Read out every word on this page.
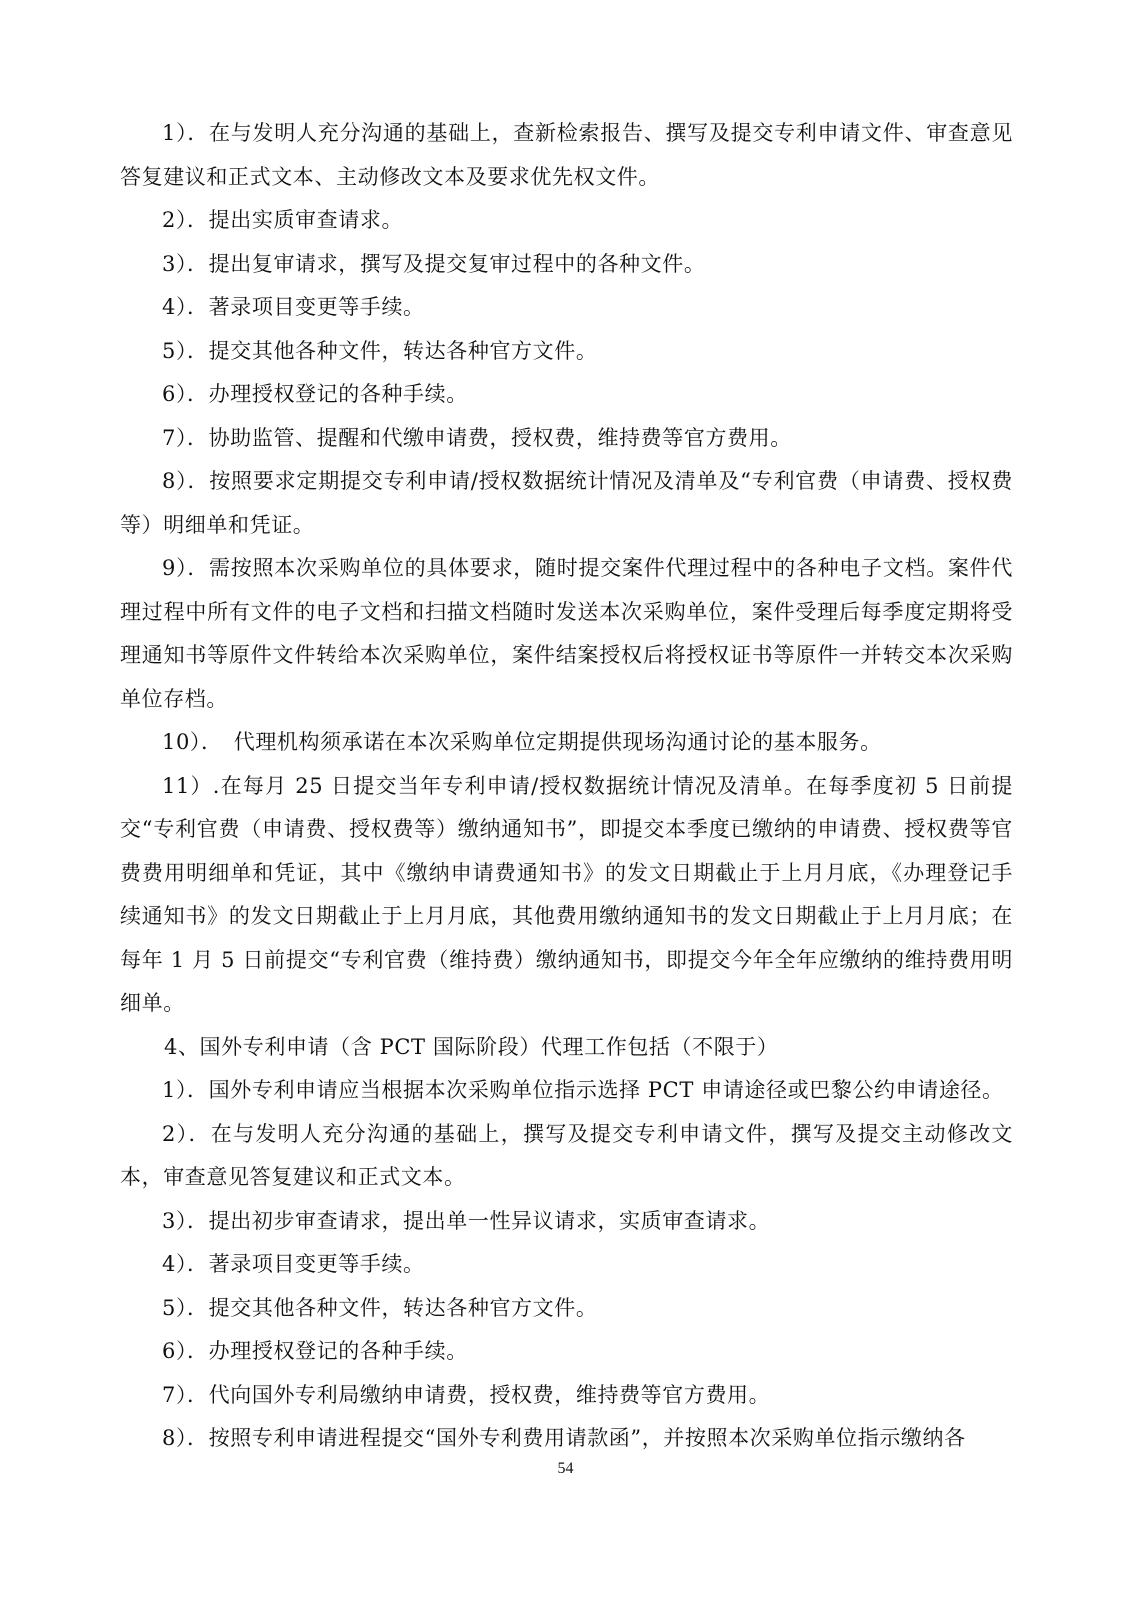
1）．在与发明人充分沟通的基础上，查新检索报告、撰写及提交专利申请文件、审查意见答复建议和正式文本、主动修改文本及要求优先权文件。

2）．提出实质审查请求。

3）．提出复审请求，撰写及提交复审过程中的各种文件。

4）．著录项目变更等手续。

5）．提交其他各种文件，转达各种官方文件。

6）．办理授权登记的各种手续。

7）．协助监管、提醒和代缴申请费，授权费，维持费等官方费用。

8）．按照要求定期提交专利申请/授权数据统计情况及清单及“专利官费（申请费、授权费等）明细单和凭证。

9）．需按照本次采购单位的具体要求，随时提交案件代理过程中的各种电子文档。案件代理过程中所有文件的电子文档和扫描文档随时发送本次采购单位，案件受理后每季度定期将受理通知书等原件文件转给本次采购单位，案件结案授权后将授权证书等原件一并转交本次采购单位存档。

10）．　代理机构须承诺在本次采购单位定期提供现场沟通讨论的基本服务。

11）.在每月 25 日提交当年专利申请/授权数据统计情况及清单。在每季度初 5 日前提交“专利官费（申请费、授权费等）缴纳通知书”，即提交本季度已缴纳的申请费、授权费等官费费用明细单和凭证，其中《缴纳申请费通知书》的发文日期截止于上月月底，《办理登记手续通知书》的发文日期截止于上月月底，其他费用缴纳通知书的发文日期截止于上月月底；在每年 1 月 5 日前提交“专利官费（维持费）缴纳通知书，即提交今年全年应缴纳的维持费用明细单。

4、国外专利申请（含 PCT 国际阶段）代理工作包括（不限于）

1）．国外专利申请应当根据本次采购单位指示选择 PCT 申请途径或巴黎公约申请途径。

2）．在与发明人充分沟通的基础上，撰写及提交专利申请文件，撰写及提交主动修改文本，审查意见答复建议和正式文本。

3）．提出初步审查请求，提出单一性异议请求，实质审查请求。

4）．著录项目变更等手续。

5）．提交其他各种文件，转达各种官方文件。

6）．办理授权登记的各种手续。

7）．代向国外专利局缴纳申请费，授权费，维持费等官方费用。

8）．按照专利申请进程提交“国外专利费用请款函”，并按照本次采购单位指示缴纳各

54
